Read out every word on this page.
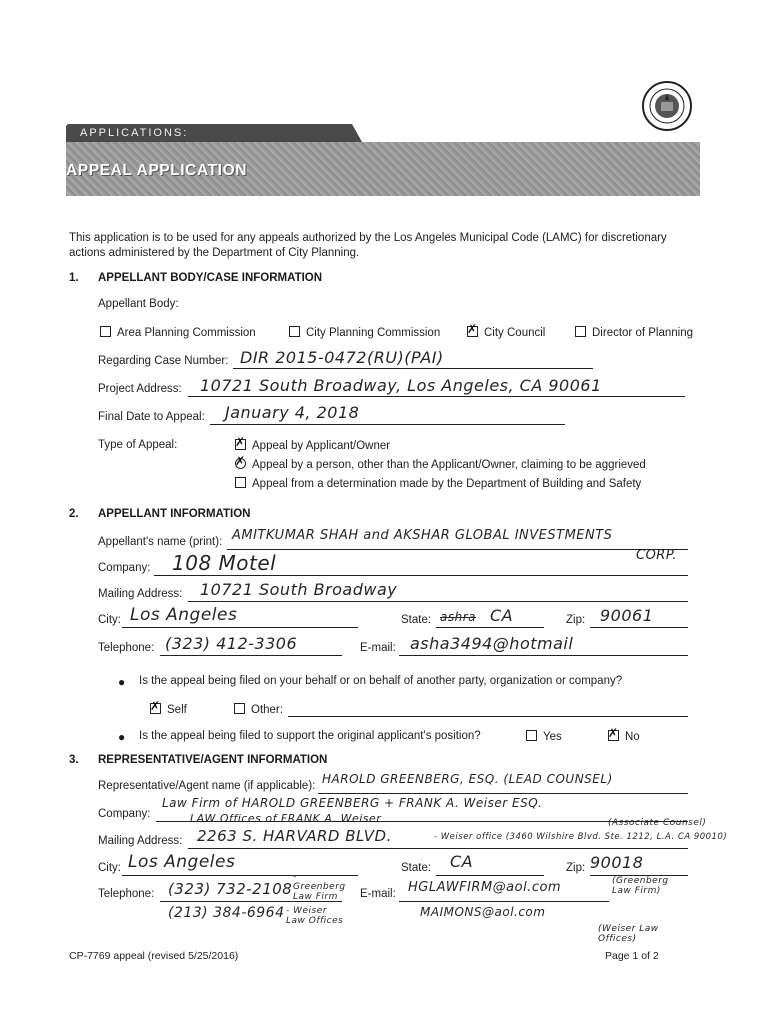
APPLICATIONS:
APPEAL APPLICATION
This application is to be used for any appeals authorized by the Los Angeles Municipal Code (LAMC) for discretionary actions administered by the Department of City Planning.
1. APPELLANT BODY/CASE INFORMATION
Appellant Body:
Area Planning Commission	City Planning Commission ✗ City Council	Director of Planning
Regarding Case Number: DIR 2015-0472(RU)(PAI)
Project Address: 10721 South Broadway, Los Angeles, CA 90061
Final Date to Appeal: January 4, 2018
Type of Appeal:	✗ Appeal by Applicant/Owner
✗ Appeal by a person, other than the Applicant/Owner, claiming to be aggrieved
Appeal from a determination made by the Department of Building and Safety
2. APPELLANT INFORMATION
Appellant's name (print): AMITKUMAR SHAH and AKSHAR GLOBAL INVESTMENTS
CORP.
Company: 108 Motel
Mailing Address: 10721 South Broadway
City: Los Angeles	State: ashra CA	Zip: 90061
Telephone: (323) 412-3306	E-mail: asha3494@hotmail
● Is the appeal being filed on your behalf or on behalf of another party, organization or company?
✗ Self	Other:
● Is the appeal being filed to support the original applicant's position?	Yes	✗ No
3. REPRESENTATIVE/AGENT INFORMATION
Representative/Agent name (if applicable): HAROLD GREENBERG, ESQ. (LEAD COUNSEL)
Company:
Law Firm of HAROLD GREENBERG + FRANK A. Weiser ESQ.
LAW Offices of FRANK A. Weiser	(Associate Counsel)
Mailing Address: 2263 S. HARVARD BLVD.	- Weiser office (3460 Wilshire Blvd. Ste. 1212, L.A. CA 90010)
City: Los Angeles	State: CA	Zip: 90018
Telephone: (323) 732-2108
- Greenberg Law Firm
(213) 384-6964 - Weiser Law Offices
E-mail: HGLAWFIRM@aol.com	(Greenberg Law Firm)
MAIMONS@aol.com
(Weiser Law Offices)
CP-7769 appeal (revised 5/25/2016)	Page 1 of 2
